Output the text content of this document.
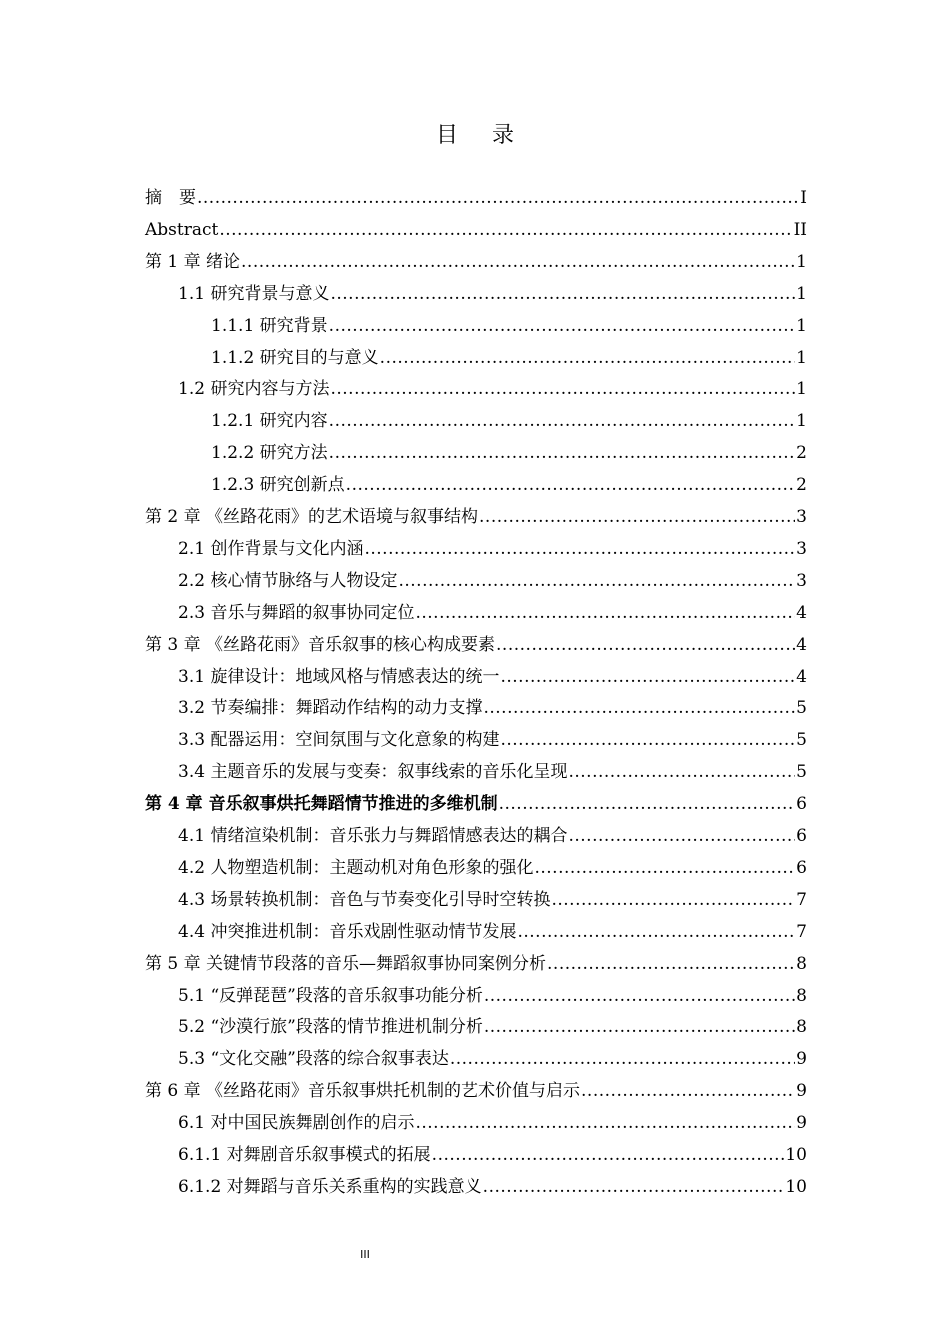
目 录
摘　要 .....	I
Abstract .....	II
第 1 章 绪论 .....	1
1.1 研究背景与意义 .....	1
1.1.1 研究背景 .....	1
1.1.2 研究目的与意义 .....	1
1.2 研究内容与方法 .....	1
1.2.1 研究内容 .....	1
1.2.2 研究方法 .....	2
1.2.3 研究创新点 .....	2
第 2 章 《丝路花雨》的艺术语境与叙事结构 .....	3
2.1 创作背景与文化内涵 .....	3
2.2 核心情节脉络与人物设定 .....	3
2.3 音乐与舞蹈的叙事协同定位 .....	4
第 3 章 《丝路花雨》音乐叙事的核心构成要素 .....	4
3.1 旋律设计：地域风格与情感表达的统一 .....	4
3.2 节奏编排：舞蹈动作结构的动力支撑 .....	5
3.3 配器运用：空间氛围与文化意象的构建 .....	5
3.4 主题音乐的发展与变奏：叙事线索的音乐化呈现 .....	5
第 4 章 音乐叙事烘托舞蹈情节推进的多维机制 .....	6
4.1 情绪渲染机制：音乐张力与舞蹈情感表达的耦合 .....	6
4.2 人物塑造机制：主题动机对角色形象的强化 .....	6
4.3 场景转换机制：音色与节奏变化引导时空转换 .....	7
4.4 冲突推进机制：音乐戏剧性驱动情节发展 .....	7
第 5 章 关键情节段落的音乐—舞蹈叙事协同案例分析 .....	8
5.1 “反弹琵琶”段落的音乐叙事功能分析 .....	8
5.2 “沙漠行旅”段落的情节推进机制分析 .....	8
5.3 “文化交融”段落的综合叙事表达 .....	9
第 6 章 《丝路花雨》音乐叙事烘托机制的艺术价值与启示 .....	9
6.1 对中国民族舞剧创作的启示 .....	9
6.1.1 对舞剧音乐叙事模式的拓展 .....	10
6.1.2 对舞蹈与音乐关系重构的实践意义 .....	10
III
